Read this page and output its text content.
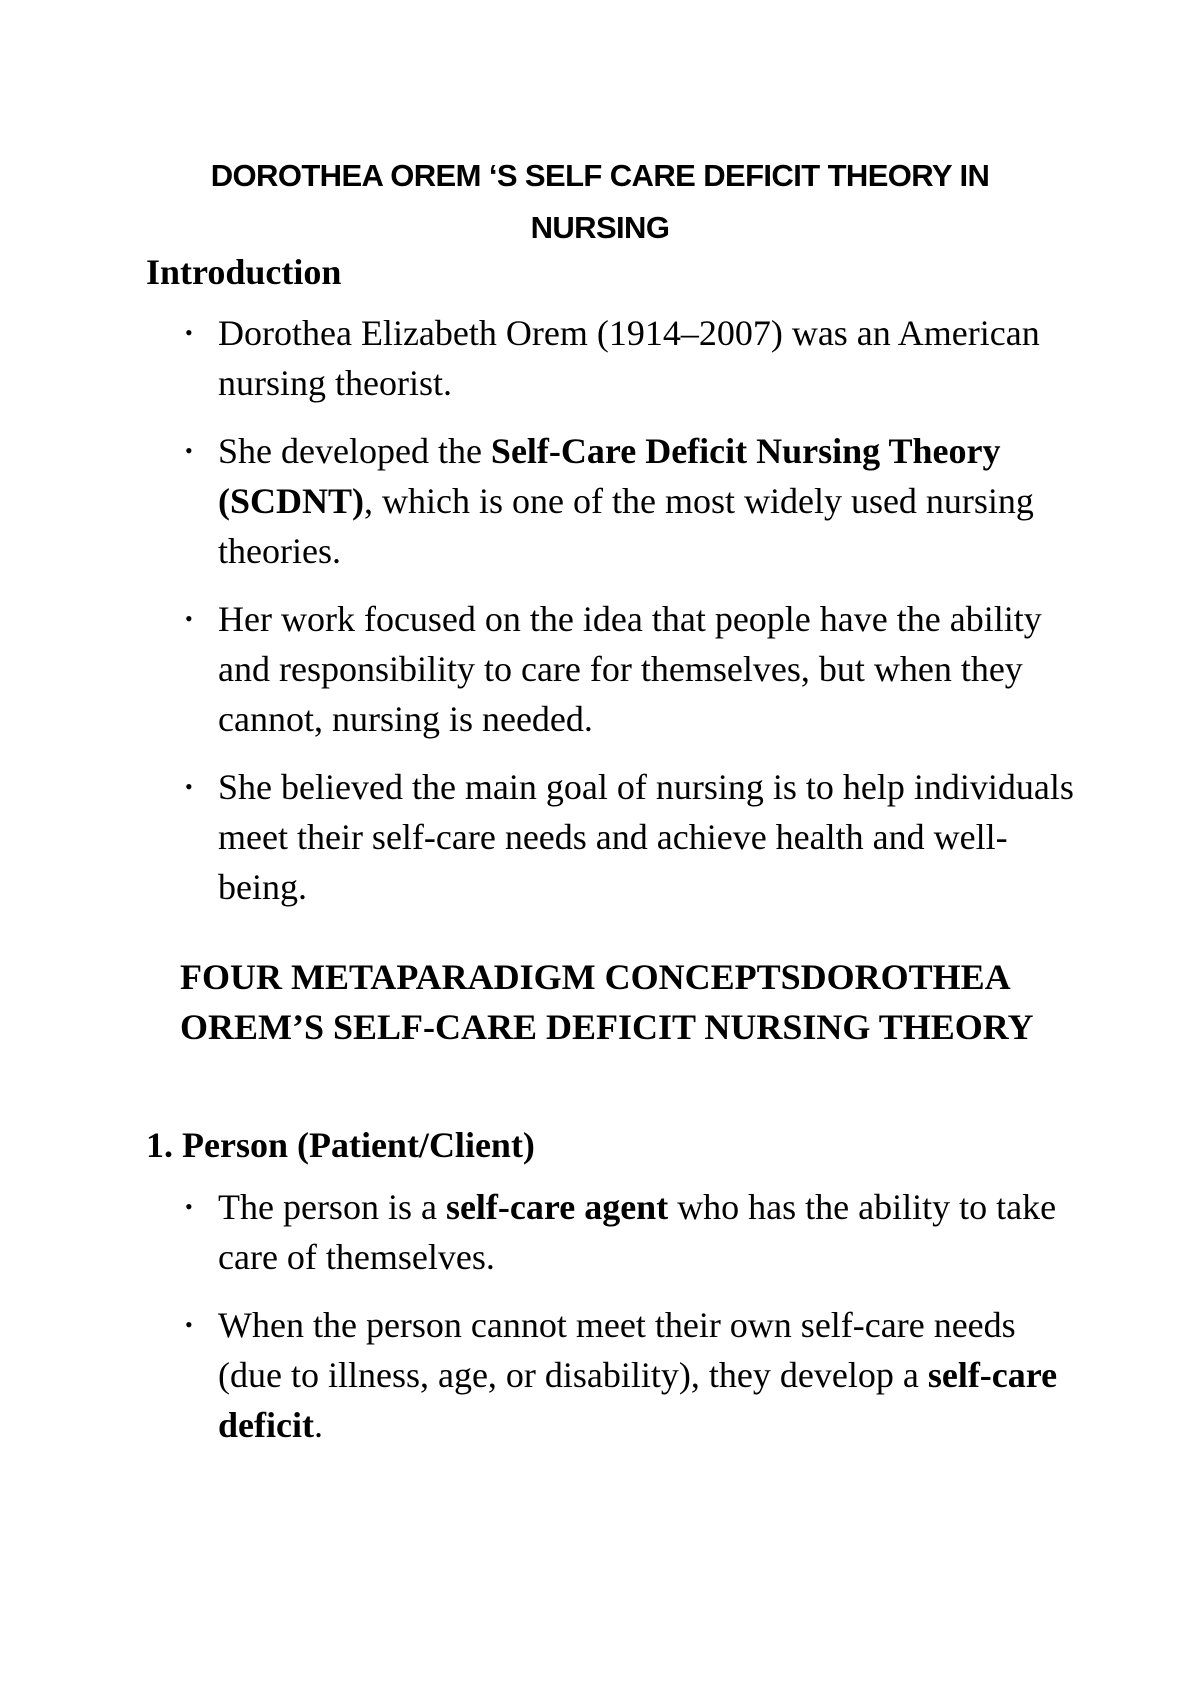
DOROTHEA OREM ‘S SELF CARE DEFICIT THEORY IN
NURSING
Introduction
• Dorothea Elizabeth Orem (1914–2007) was an American nursing theorist.
• She developed the Self-Care Deficit Nursing Theory (SCDNT), which is one of the most widely used nursing theories.
• Her work focused on the idea that people have the ability and responsibility to care for themselves, but when they cannot, nursing is needed.
• She believed the main goal of nursing is to help individuals meet their self-care needs and achieve health and well-being.
FOUR METAPARADIGM CONCEPTSDOROTHEA OREM’S SELF-CARE DEFICIT NURSING THEORY
1. Person (Patient/Client)
• The person is a self-care agent who has the ability to take care of themselves.
• When the person cannot meet their own self-care needs (due to illness, age, or disability), they develop a self-care deficit.
